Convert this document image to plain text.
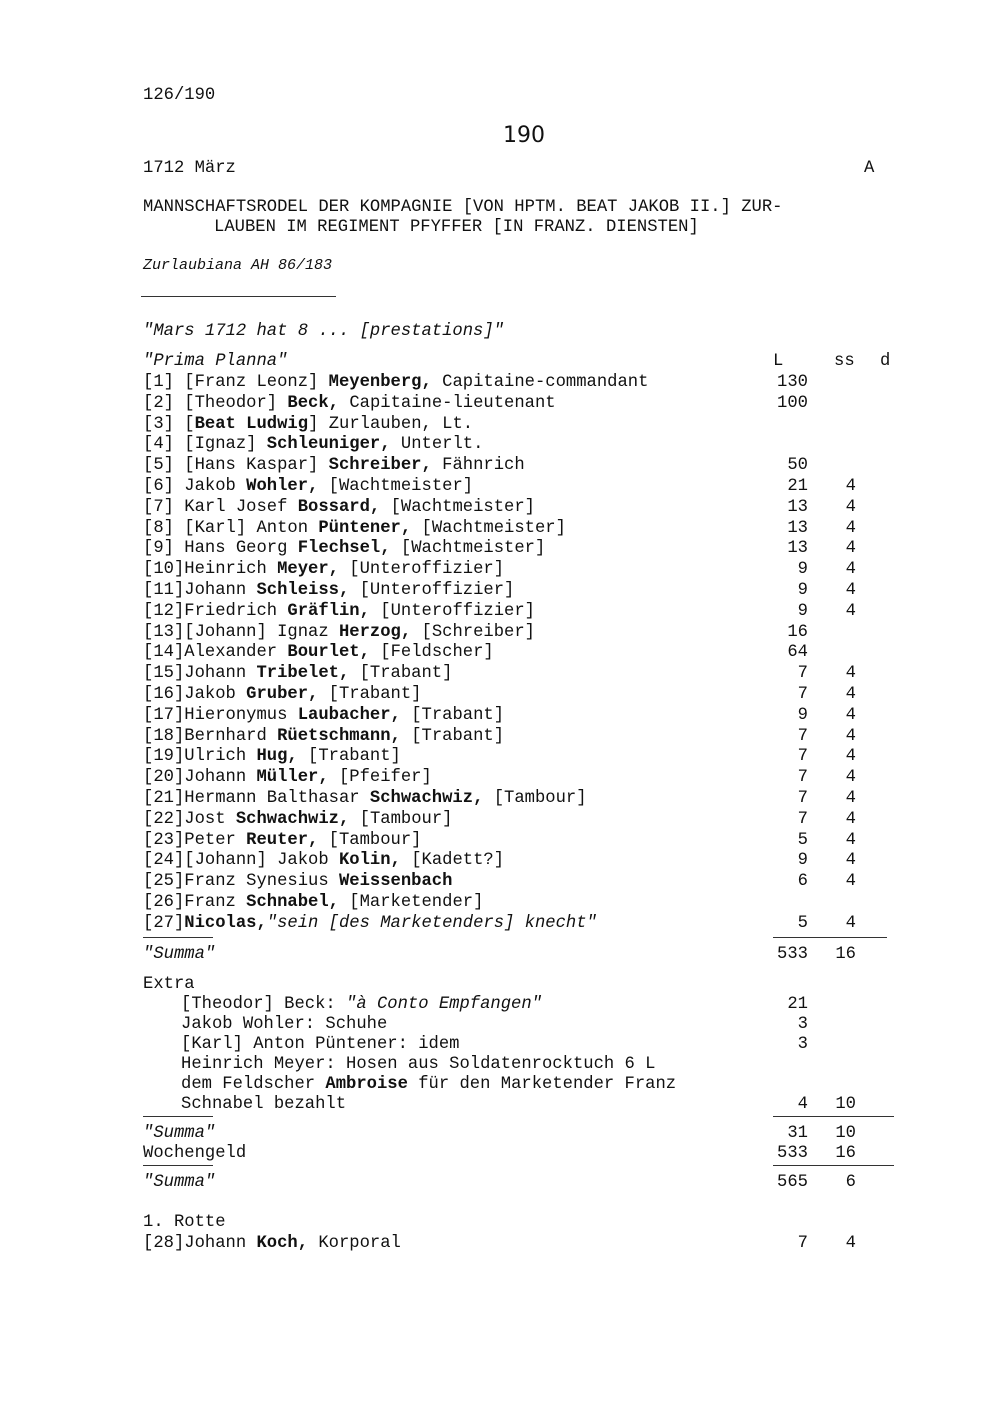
126/190
190
1712 März	A
MANNSCHAFTSRODEL DER KOMPAGNIE [VON HPTM. BEAT JAKOB II.] ZUR-
LAUBEN IM REGIMENT PFYFFER [IN FRANZ. DIENSTEN]
Zurlaubiana AH 86/183
"Mars 1712 hat 8 ... [prestations]"
"Prima Planna"	L	ss d
[1] [Franz Leonz] Meyenberg, Capitaine-commandant	130
[2] [Theodor] Beck, Capitaine-lieutenant	100
[3] [Beat Ludwig] Zurlauben, Lt.
[4] [Ignaz] Schleuniger, Unterlt.
[5] [Hans Kaspar] Schreiber, Fähnrich	50
[6] Jakob Wohler, [Wachtmeister]	21	4
[7] Karl Josef Bossard, [Wachtmeister]	13	4
[8] [Karl] Anton Püntener, [Wachtmeister]	13	4
[9] Hans Georg Flechsel, [Wachtmeister]	13	4
[10]Heinrich Meyer, [Unteroffizier]	9	4
[11]Johann Schleiss, [Unteroffizier]	9	4
[12]Friedrich Gräflin, [Unteroffizier]	9	4
[13][Johann] Ignaz Herzog, [Schreiber]	16
[14]Alexander Bourlet, [Feldscher]	64
[15]Johann Tribelet, [Trabant]	7	4
[16]Jakob Gruber, [Trabant]	7	4
[17]Hieronymus Laubacher, [Trabant]	9	4
[18]Bernhard Rüetschmann, [Trabant]	7	4
[19]Ulrich Hug, [Trabant]	7	4
[20]Johann Müller, [Pfeifer]	7	4
[21]Hermann Balthasar Schwachwiz, [Tambour]	7	4
[22]Jost Schwachwiz, [Tambour]	7	4
[23]Peter Reuter, [Tambour]	5	4
[24][Johann] Jakob Kolin, [Kadett?]	9	4
[25]Franz Synesius Weissenbach	6	4
[26]Franz Schnabel, [Marketender]
[27]Nicolas,"sein [des Marketenders] knecht"	5	4
"Summa"	533	16
Extra
[Theodor] Beck: "à Conto Empfangen"	21
Jakob Wohler: Schuhe	3
[Karl] Anton Püntener: idem	3
Heinrich Meyer: Hosen aus Soldatenrocktuch 6 L
dem Feldscher Ambroise für den Marketender Franz
Schnabel bezahlt	4	10
"Summa"	31	10
Wochengeld	533	16
"Summa"	565	6
1. Rotte
[28]Johann Koch, Korporal	7	4
